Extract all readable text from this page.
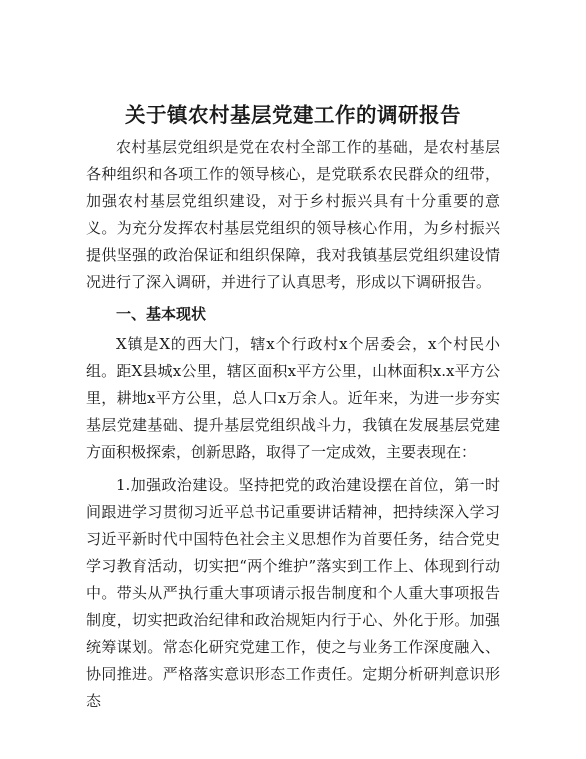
关于镇农村基层党建工作的调研报告

农村基层党组织是党在农村全部工作的基础，是农村基层各种组织和各项工作的领导核心，是党联系农民群众的纽带，加强农村基层党组织建设，对于乡村振兴具有十分重要的意义。为充分发挥农村基层党组织的领导核心作用，为乡村振兴提供坚强的政治保证和组织保障，我对我镇基层党组织建设情况进行了深入调研，并进行了认真思考，形成以下调研报告。

一、基本现状

X镇是X的西大门，辖x个行政村x个居委会，x个村民小组。距X县城x公里，辖区面积x平方公里，山林面积x.x平方公里，耕地x平方公里，总人口x万余人。近年来，为进一步夯实基层党建基础、提升基层党组织战斗力，我镇在发展基层党建方面积极探索，创新思路，取得了一定成效，主要表现在：

1.加强政治建设。坚持把党的政治建设摆在首位，第一时间跟进学习贯彻习近平总书记重要讲话精神，把持续深入学习习近平新时代中国特色社会主义思想作为首要任务，结合党史学习教育活动，切实把“两个维护”落实到工作上、体现到行动中。带头从严执行重大事项请示报告制度和个人重大事项报告制度，切实把政治纪律和政治规矩内行于心、外化于形。加强统筹谋划。常态化研究党建工作，使之与业务工作深度融入、协同推进。严格落实意识形态工作责任。定期分析研判意识形态
